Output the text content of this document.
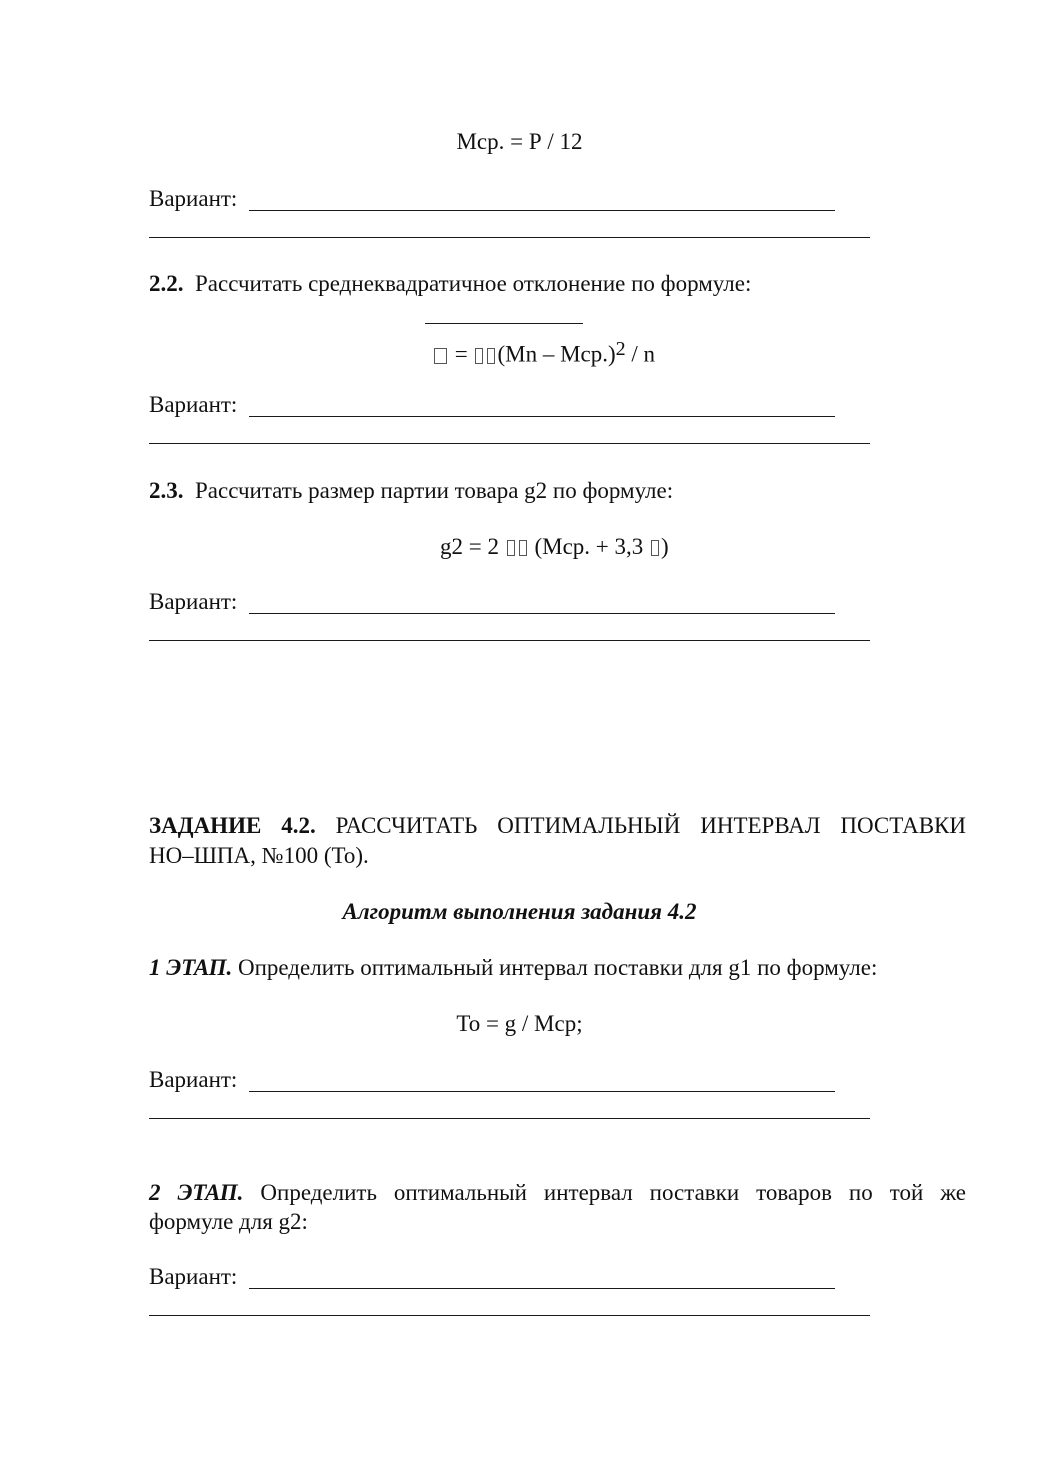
Мср. = Р / 12
Вариант:
2.2. Рассчитать среднеквадратичное отклонение по формуле:
= (Mn – Mcp.)$^2$ / n
Вариант:
2.3. Рассчитать размер партии товара g2 по формуле:
g2 = 2 (Мср. + 3,3 )
Вариант:
ЗАДАНИЕ 4.2. РАССЧИТАТЬ ОПТИМАЛЬНЫЙ ИНТЕРВАЛ ПОСТАВКИ
НО–ШПА, №100 (То).
Алгоритм выполнения задания 4.2
1 ЭТАП. Определить оптимальный интервал поставки для g1 по формуле:
То = g / Мср;
Вариант:
2 ЭТАП. Определить оптимальный интервал поставки товаров по той же
формуле для g2:
Вариант:
